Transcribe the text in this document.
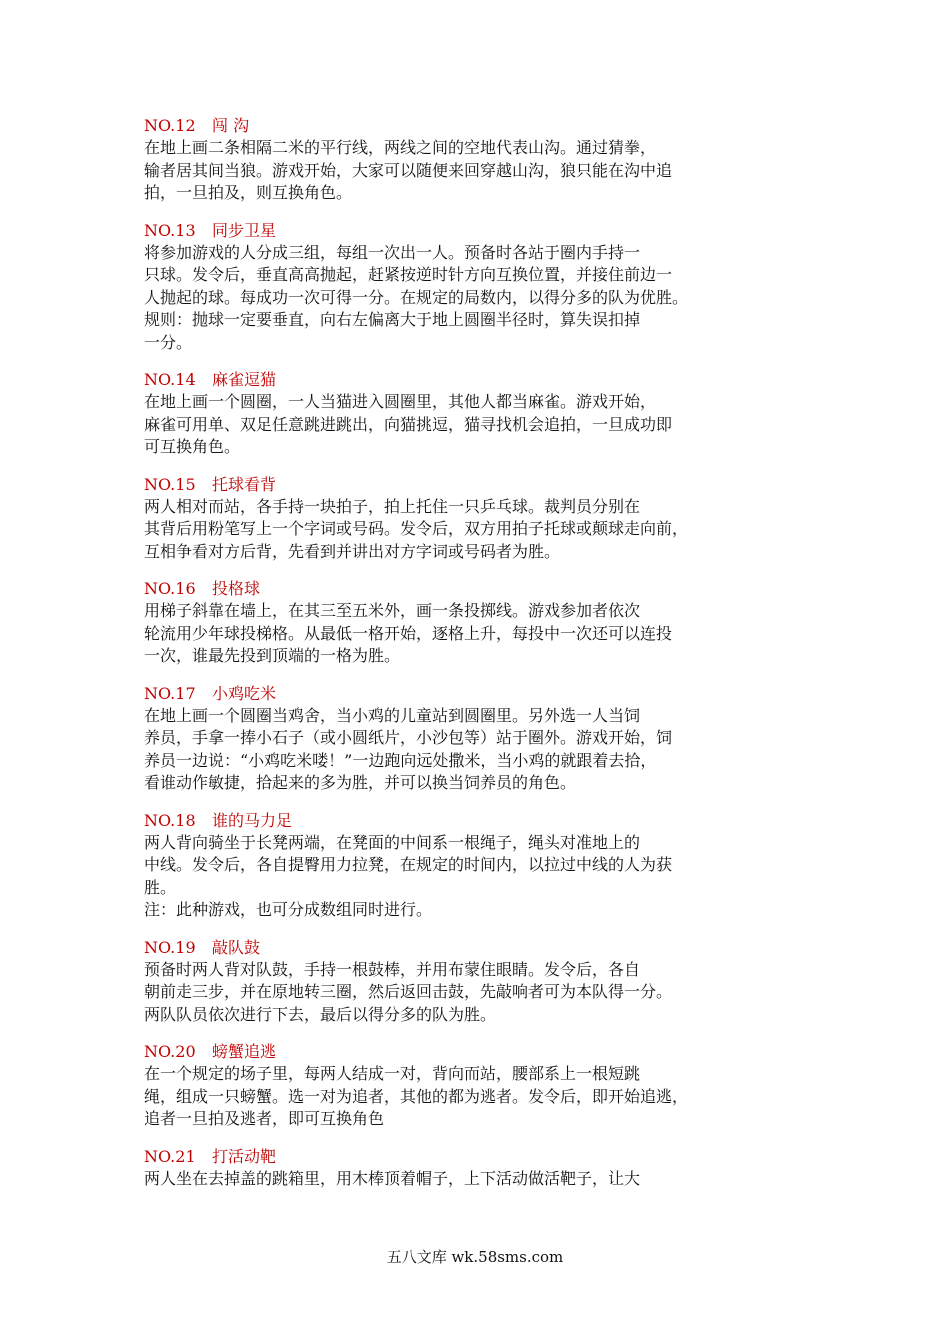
NO.12 闯 沟
在地上画二条相隔二米的平行线，两线之间的空地代表山沟。通过猜拳，
输者居其间当狼。游戏开始，大家可以随便来回穿越山沟，狼只能在沟中追
拍，一旦拍及，则互换角色。
NO.13 同步卫星
将参加游戏的人分成三组，每组一次出一人。预备时各站于圈内手持一
只球。发令后，垂直高高抛起，赶紧按逆时针方向互换位置，并接住前边一
人抛起的球。每成功一次可得一分。在规定的局数内，以得分多的队为优胜。
规则：抛球一定要垂直，向右左偏离大于地上圆圈半径时，算失误扣掉
一分。
NO.14 麻雀逗猫
在地上画一个圆圈，一人当猫进入圆圈里，其他人都当麻雀。游戏开始，
麻雀可用单、双足任意跳进跳出，向猫挑逗，猫寻找机会追拍，一旦成功即
可互换角色。
NO.15 托球看背
两人相对而站，各手持一块拍子，拍上托住一只乒乓球。裁判员分别在
其背后用粉笔写上一个字词或号码。发令后，双方用拍子托球或颠球走向前，
互相争看对方后背，先看到并讲出对方字词或号码者为胜。
NO.16 投格球
用梯子斜靠在墙上，在其三至五米外，画一条投掷线。游戏参加者依次
轮流用少年球投梯格。从最低一格开始，逐格上升，每投中一次还可以连投
一次，谁最先投到顶端的一格为胜。
NO.17 小鸡吃米
在地上画一个圆圈当鸡舍，当小鸡的儿童站到圆圈里。另外选一人当饲
养员，手拿一捧小石子（或小圆纸片，小沙包等）站于圈外。游戏开始，饲
养员一边说：“小鸡吃米喽！”一边跑向远处撒米，当小鸡的就跟着去拾，
看谁动作敏捷，拾起来的多为胜，并可以换当饲养员的角色。
NO.18 谁的马力足
两人背向骑坐于长凳两端，在凳面的中间系一根绳子，绳头对准地上的
中线。发令后，各自提臀用力拉凳，在规定的时间内，以拉过中线的人为获
胜。
注：此种游戏，也可分成数组同时进行。
NO.19 敲队鼓
预备时两人背对队鼓，手持一根鼓棒，并用布蒙住眼睛。发令后，各自
朝前走三步，并在原地转三圈，然后返回击鼓，先敲响者可为本队得一分。
两队队员依次进行下去，最后以得分多的队为胜。
NO.20 螃蟹追逃
在一个规定的场子里，每两人结成一对，背向而站，腰部系上一根短跳
绳，组成一只螃蟹。选一对为追者，其他的都为逃者。发令后，即开始追逃，
追者一旦拍及逃者，即可互换角色
NO.21 打活动靶
两人坐在去掉盖的跳箱里，用木棒顶着帽子，上下活动做活靶子，让大
五八文库 wk.58sms.com
